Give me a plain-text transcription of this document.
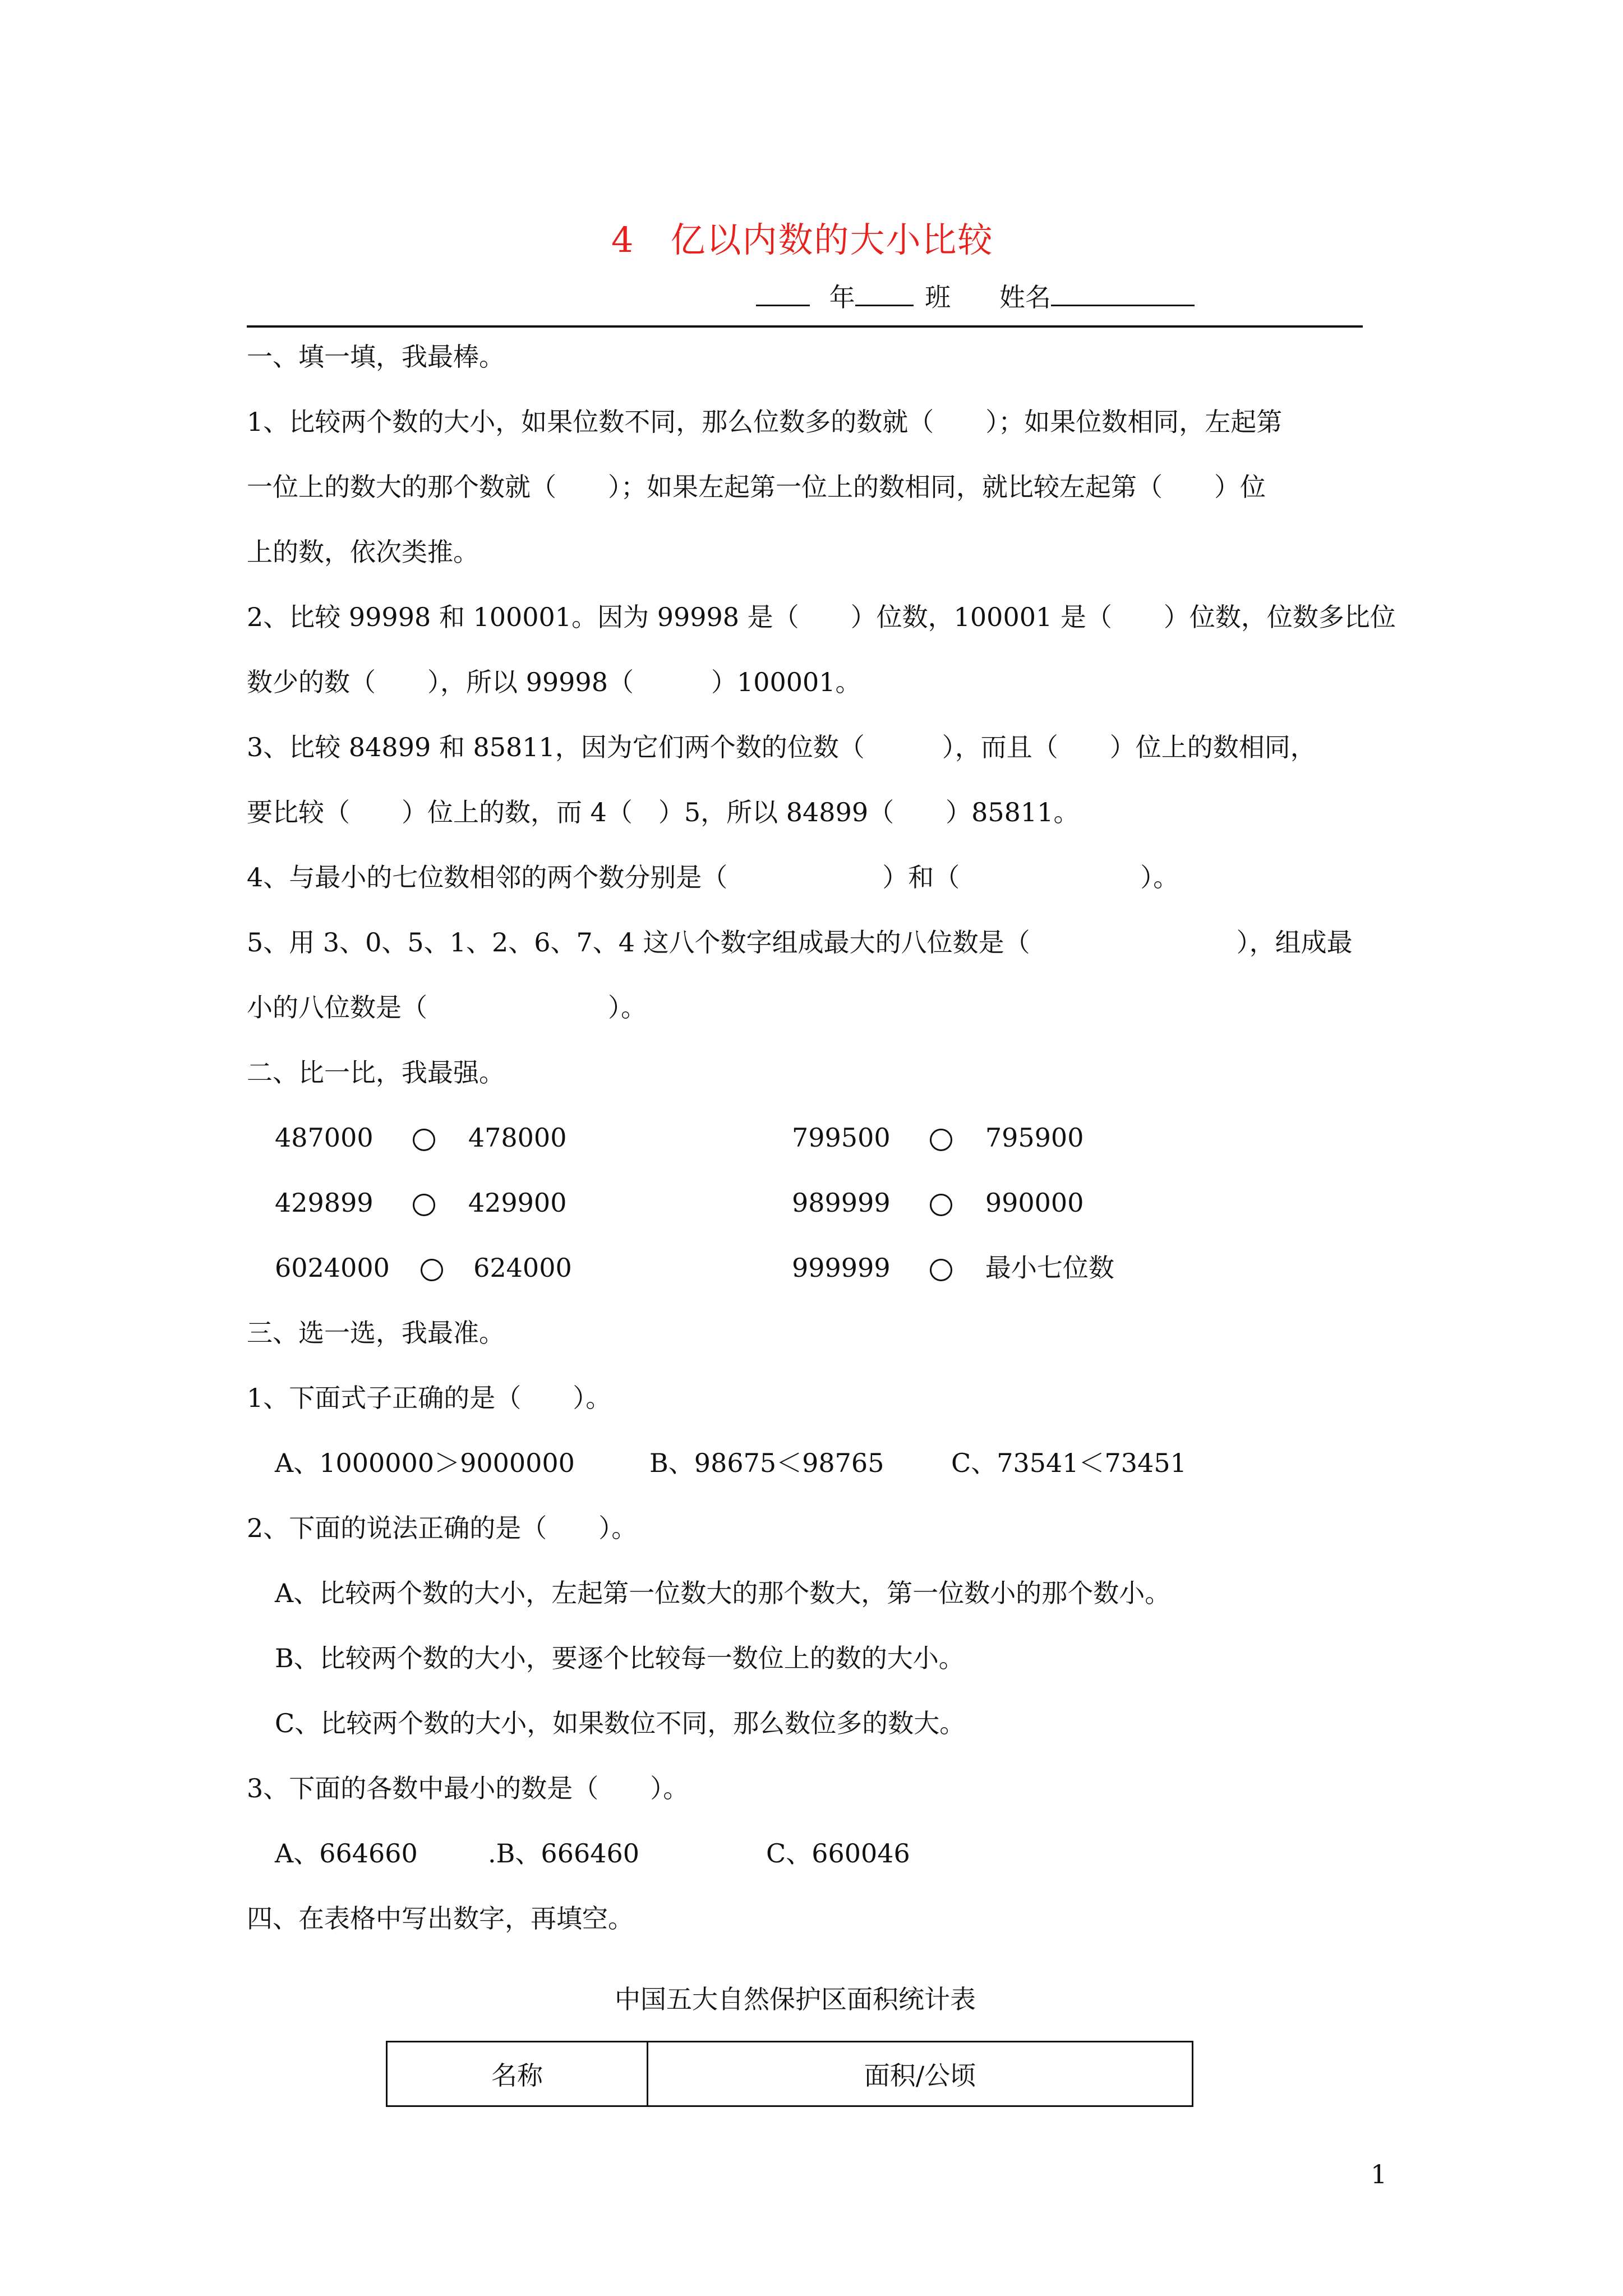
4　亿以内数的大小比较
年	班 姓名
一、填一填，我最棒。
1、比较两个数的大小，如果位数不同，那么位数多的数就（　　）；如果位数相同，左起第
一位上的数大的那个数就（　　）；如果左起第一位上的数相同，就比较左起第（　　）位
上的数，依次类推。
2、比较 99998 和 100001。因为 99998 是（　　）位数，100001 是（　　）位数，位数多比位
数少的数（　　），所以 99998（　　　）100001。
3、比较 84899 和 85811，因为它们两个数的位数（　　　），而且（　　）位上的数相同，
要比较（　　）位上的数，而 4（　）5，所以 84899（　　）85811。
4、与最小的七位数相邻的两个数分别是（　　　　　　）和（　　　　　　　）。
5、用 3、0、5、1、2、6、7、4 这八个数字组成最大的八位数是（　　　　　　　　），组成最
小的八位数是（　　　　　　　）。
二、比一比，我最强。
487000	478000	799500	795900
429899	429900	989999	990000
6024000	624000	999999	最小七位数
三、选一选，我最准。
1、下面式子正确的是（　　）。
A、1000000＞9000000	B、98675＜98765	C、73541＜73451
2、下面的说法正确的是（　　）。
A、比较两个数的大小，左起第一位数大的那个数大，第一位数小的那个数小。
B、比较两个数的大小，要逐个比较每一数位上的数的大小。
C、比较两个数的大小，如果数位不同，那么数位多的数大。
3、下面的各数中最小的数是（　　）。
A、664660	.B、666460	C、660046
四、在表格中写出数字，再填空。
中国五大自然保护区面积统计表
名称	面积/公顷
1
